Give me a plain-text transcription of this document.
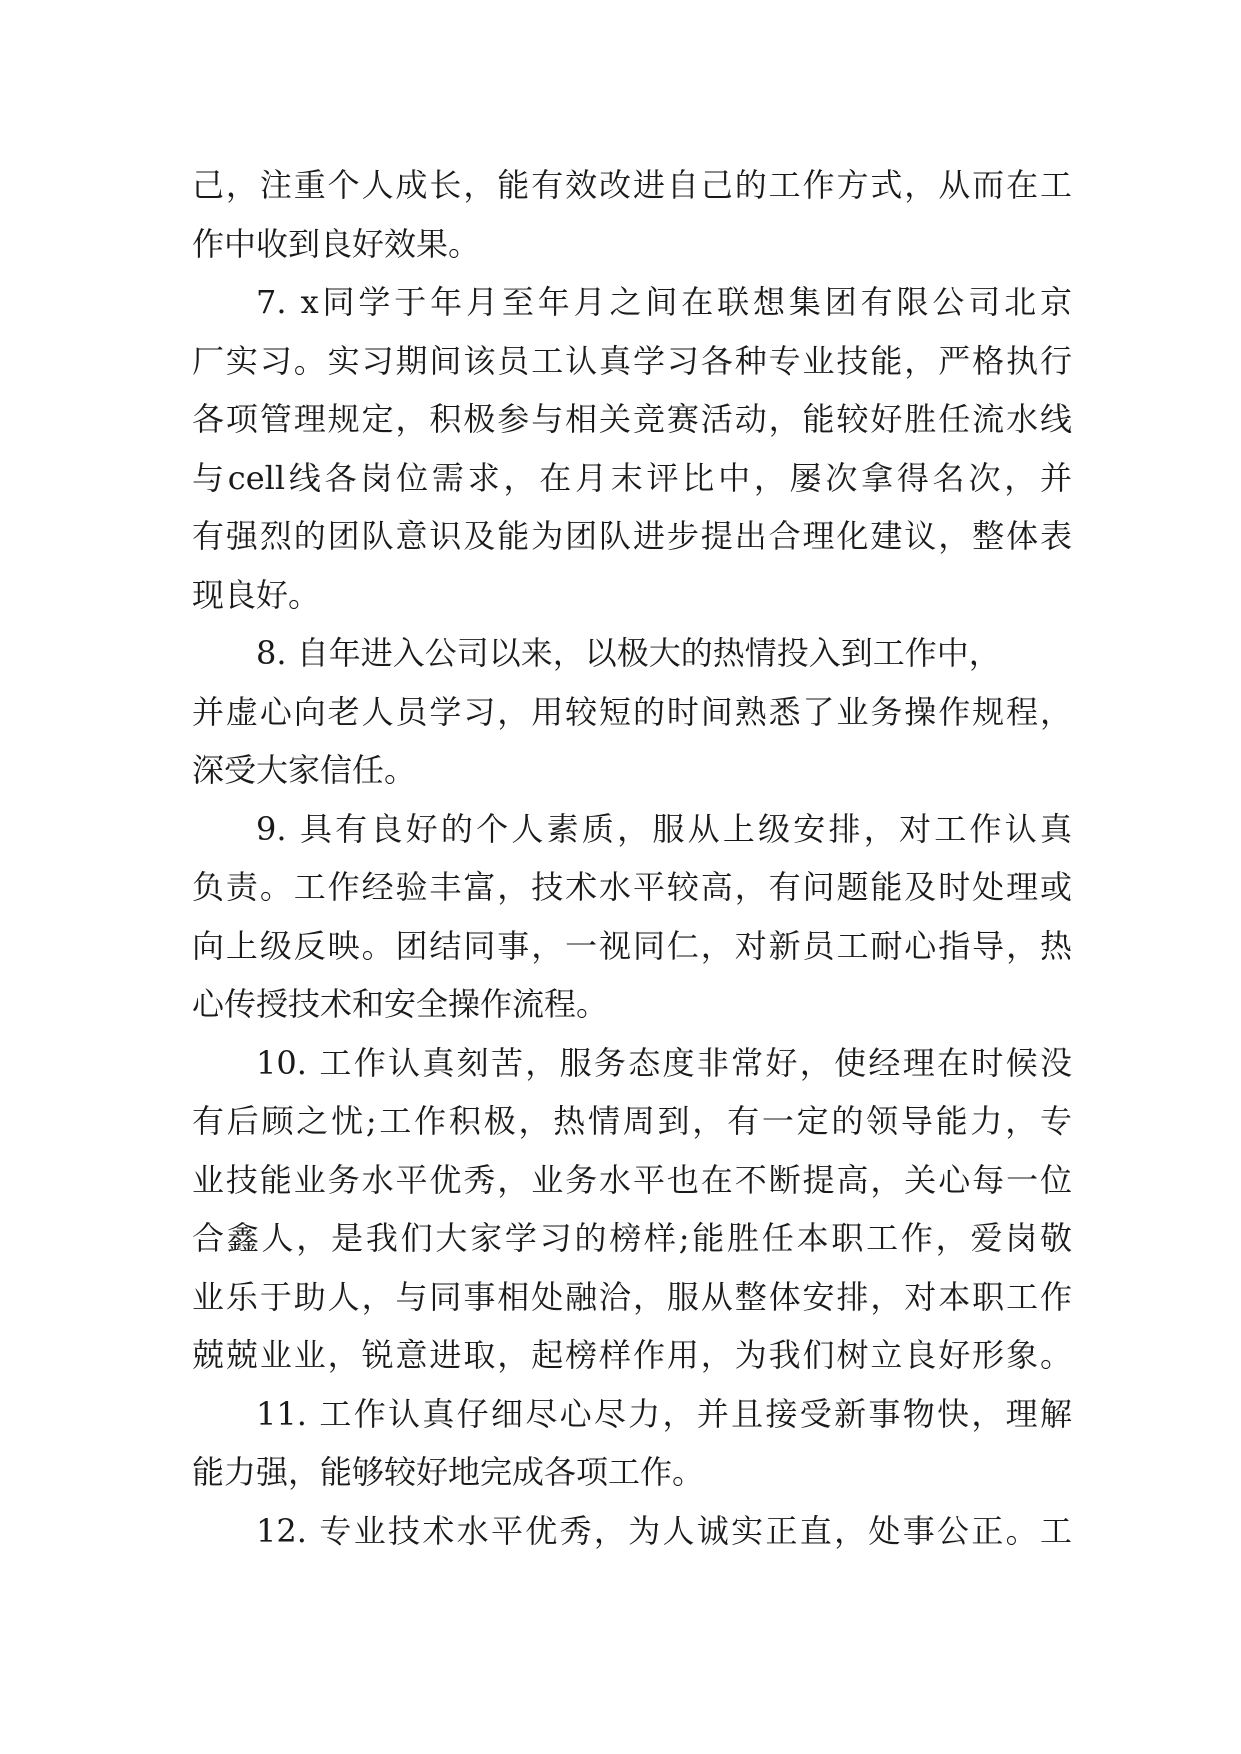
己，注重个人成长，能有效改进自己的工作方式，从而在工
作中收到良好效果。
7. x同学于年月至年月之间在联想集团有限公司北京
厂实习。实习期间该员工认真学习各种专业技能，严格执行
各项管理规定，积极参与相关竞赛活动，能较好胜任流水线
与cell线各岗位需求，在月末评比中，屡次拿得名次，并
有强烈的团队意识及能为团队进步提出合理化建议，整体表
现良好。
8. 自年进入公司以来，以极大的热情投入到工作中，
并虚心向老人员学习，用较短的时间熟悉了业务操作规程，
深受大家信任。
9. 具有良好的个人素质，服从上级安排，对工作认真
负责。工作经验丰富，技术水平较高，有问题能及时处理或
向上级反映。团结同事，一视同仁，对新员工耐心指导，热
心传授技术和安全操作流程。
10. 工作认真刻苦，服务态度非常好，使经理在时候没
有后顾之忧;工作积极，热情周到，有一定的领导能力，专
业技能业务水平优秀，业务水平也在不断提高，关心每一位
合鑫人，是我们大家学习的榜样;能胜任本职工作，爱岗敬
业乐于助人，与同事相处融洽，服从整体安排，对本职工作
兢兢业业，锐意进取，起榜样作用，为我们树立良好形象。
11. 工作认真仔细尽心尽力，并且接受新事物快，理解
能力强，能够较好地完成各项工作。
12. 专业技术水平优秀，为人诚实正直，处事公正。工
